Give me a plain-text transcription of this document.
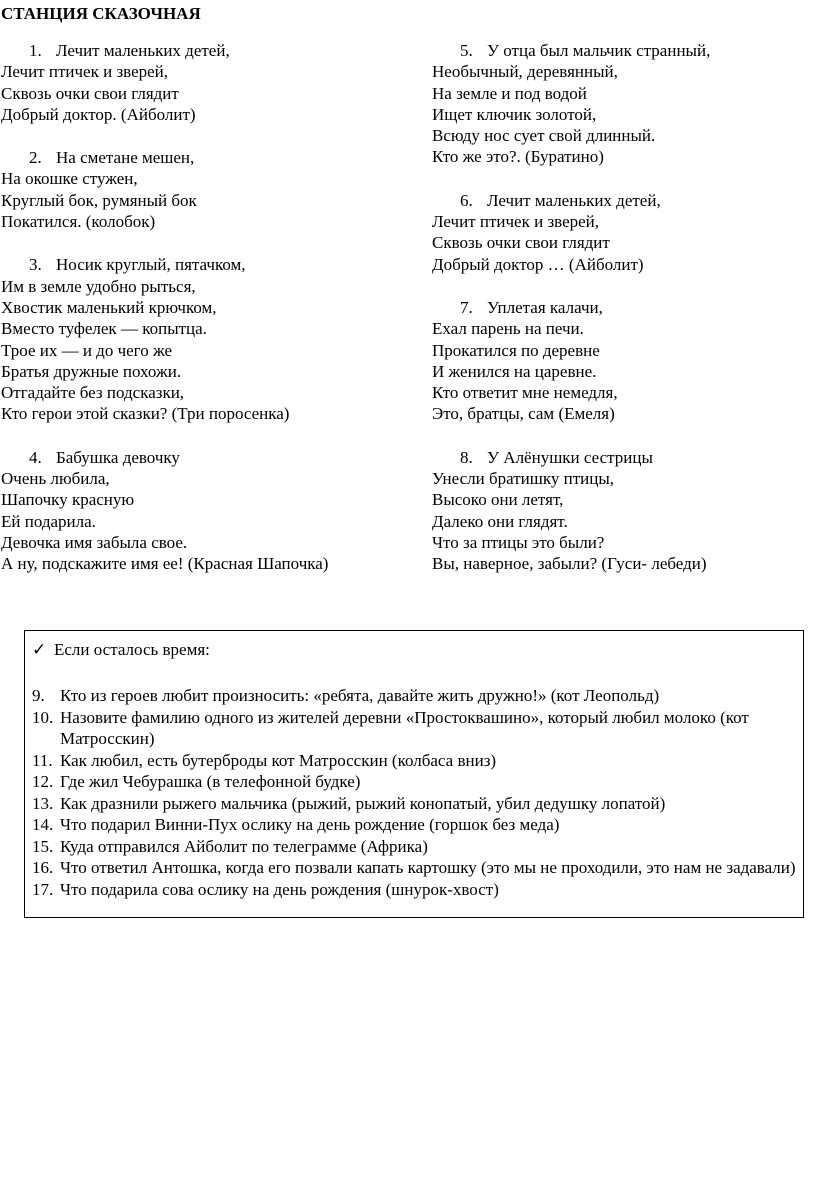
СТАНЦИЯ СКАЗОЧНАЯ
1. Лечит маленьких детей,
Лечит птичек и зверей,
Сквозь очки свои глядит
Добрый доктор. (Айболит)
2. На сметане мешен,
На окошке стужен,
Круглый бок, румяный бок
Покатился. (колобок)
3. Носик круглый, пятачком,
Им в земле удобно рыться,
Хвостик маленький крючком,
Вместо туфелек — копытца.
Трое их — и до чего же
Братья дружные похожи.
Отгадайте без подсказки,
Кто герои этой сказки? (Три поросенка)
4. Бабушка девочку
Очень любила,
Шапочку красную
Ей подарила.
Девочка имя забыла свое.
А ну, подскажите имя ее! (Красная Шапочка)
5. У отца был мальчик странный,
Необычный, деревянный,
На земле и под водой
Ищет ключик золотой,
Всюду нос сует свой длинный.
Кто же это?. (Буратино)
6. Лечит маленьких детей,
Лечит птичек и зверей,
Сквозь очки свои глядит
Добрый доктор … (Айболит)
7. Уплетая калачи,
Ехал парень на печи.
Прокатился по деревне
И женился на царевне.
Кто ответит мне немедля,
Это, братцы, сам (Емеля)
8. У Алёнушки сестрицы
Унесли братишку птицы,
Высоко они летят,
Далеко они глядят.
Что за птицы это были?
Вы, наверное, забыли? (Гуси- лебеди)
✓ Если осталось время:
9. Кто из героев любит произносить: «ребята, давайте жить дружно!» (кот Леопольд)
10. Назовите фамилию одного из жителей деревни «Простоквашино», который любил молоко (кот Матросскин)
11. Как любил, есть бутерброды кот Матросскин (колбаса вниз)
12. Где жил Чебурашка (в телефонной будке)
13. Как дразнили рыжего мальчика (рыжий, рыжий конопатый, убил дедушку лопатой)
14. Что подарил Винни-Пух ослику на день рождение (горшок без меда)
15. Куда отправился Айболит по телеграмме (Африка)
16. Что ответил Антошка, когда его позвали капать картошку (это мы не проходили, это нам не задавали)
17. Что подарила сова ослику на день рождения (шнурок-хвост)
